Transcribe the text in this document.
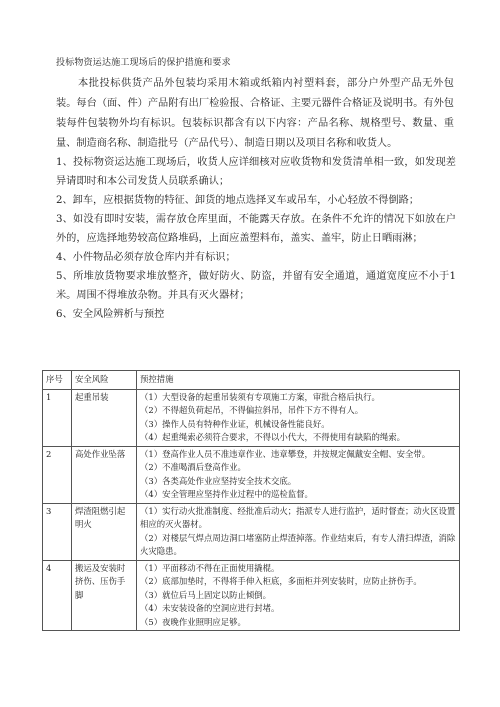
投标物资运达施工现场后的保护措施和要求

本批投标供货产品外包装均采用木箱或纸箱内衬塑料套，部分户外型产品无外包装。每台（面、件）产品附有出厂检验报、合格证、主要元器件合格证及说明书。有外包装每件包装物外均有标识。包装标识都含有以下内容：产品名称、规格型号、数量、重量、制造商名称、制造批号（产品代号）、制造日期以及项目名称和收货人。

1、投标物资运达施工现场后，收货人应详细核对应收货物和发货清单相一致，如发现差异请即时和本公司发货人员联系确认；

2、卸车，应根据货物的特征、卸货的地点选择叉车或吊车，小心轻放不得倒路；

3、如没有即时安装，需存放仓库里面，不能露天存放。在条件不允许的情况下如放在户外的，应选择地势较高位路堆码，上面应盖塑料布，盖实、盖牢，防止日晒雨淋；

4、小件物品必须存放仓库内并有标识；

5、所堆放货物要求堆放整齐，做好防火、防盗，并留有安全通道，通道宽度应不小于1米。周围不得堆放杂物。并具有灭火器材；

6、安全风险辨析与预控

序号	安全风险	预控措施
1	起重吊装	（1）大型设备的起重吊装须有专项施工方案，审批合格后执行。
（2）不得超负荷起吊，不得偏拉斜吊，吊件下方不得有人。
（3）操作人员有特种作业证，机械设备性能良好。
（4）起重绳索必须符合要求，不得以小代大，不得使用有缺陷的绳索。

2	高处作业坠落	（1）登高作业人员不准违章作业、违章攀登，并按规定佩戴安全帽、安全带。
（2）不准喝酒后登高作业。
（3）各类高处作业应坚持安全技术交底。
（4）安全管理应坚持作业过程中的巡检监督。

3	焊渣阻燃引起明火	（1）实行动火批准制度、经批准后动火；指派专人进行监护，适时督查；动火区设置相应的灭火器材。
（2）对楼层气焊点周边洞口堵塞防止焊渣掉落。作业结束后，有专人清扫焊渣，消除火灾隐患。

4	搬运及安装时挤伤、压伤手脚	（1）平面移动不得在正面使用撬棍。
（2）底部加垫时，不得将手伸入柜底，多面柜并列安装时，应防止挤伤手。
（3）就位后马上固定以防止倾倒。
（4）未安装设备的空洞应进行封堵。
（5）夜晚作业照明应足够。
